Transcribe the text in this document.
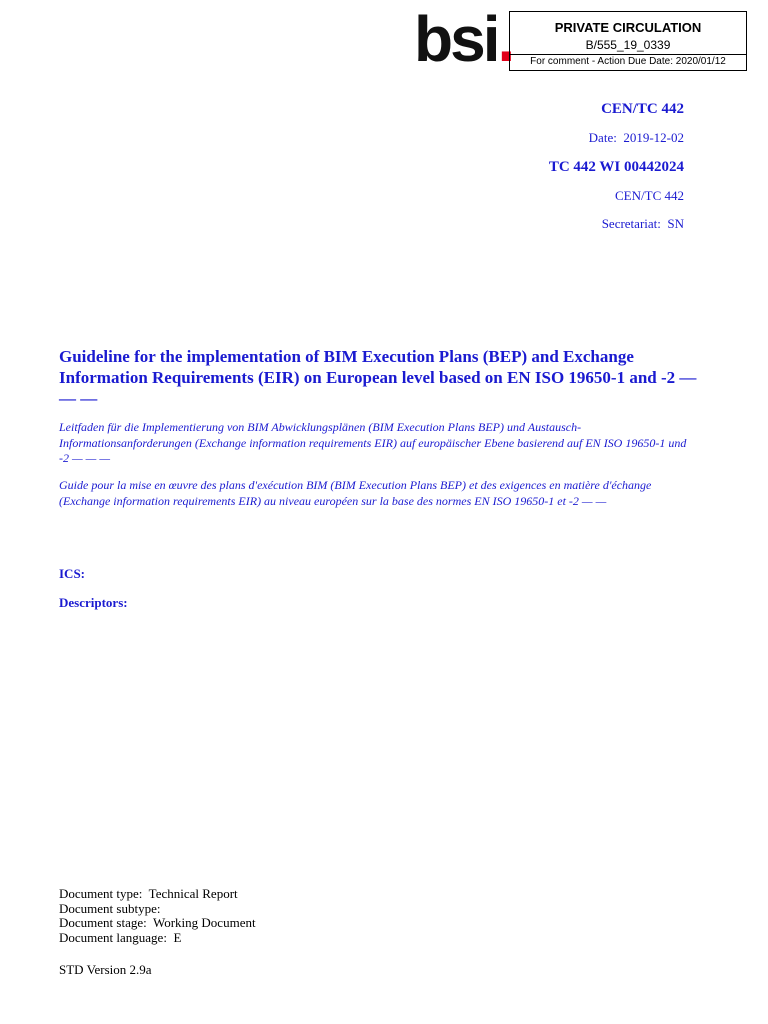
bsi.	PRIVATE CIRCULATION
B/555_19_0339
For comment - Action Due Date: 2020/01/12
CEN/TC 442
Date: 2019-12-02
TC 442 WI 00442024
CEN/TC 442
Secretariat: SN
Guideline for the implementation of BIM Execution Plans (BEP) and Exchange Information Requirements (EIR) on European level based on EN ISO 19650-1 and -2 — — —
Leitfaden für die Implementierung von BIM Abwicklungsplänen (BIM Execution Plans BEP) und Austausch-Informationsanforderungen (Exchange information requirements EIR) auf europäischer Ebene basierend auf EN ISO 19650-1 und -2 — — —
Guide pour la mise en œuvre des plans d'exécution BIM (BIM Execution Plans BEP) et des exigences en matière d'échange (Exchange information requirements EIR) au niveau européen sur la base des normes EN ISO 19650-1 et -2 — —
ICS:
Descriptors:
Document type: Technical Report
Document subtype:
Document stage: Working Document
Document language: E
STD Version 2.9a
